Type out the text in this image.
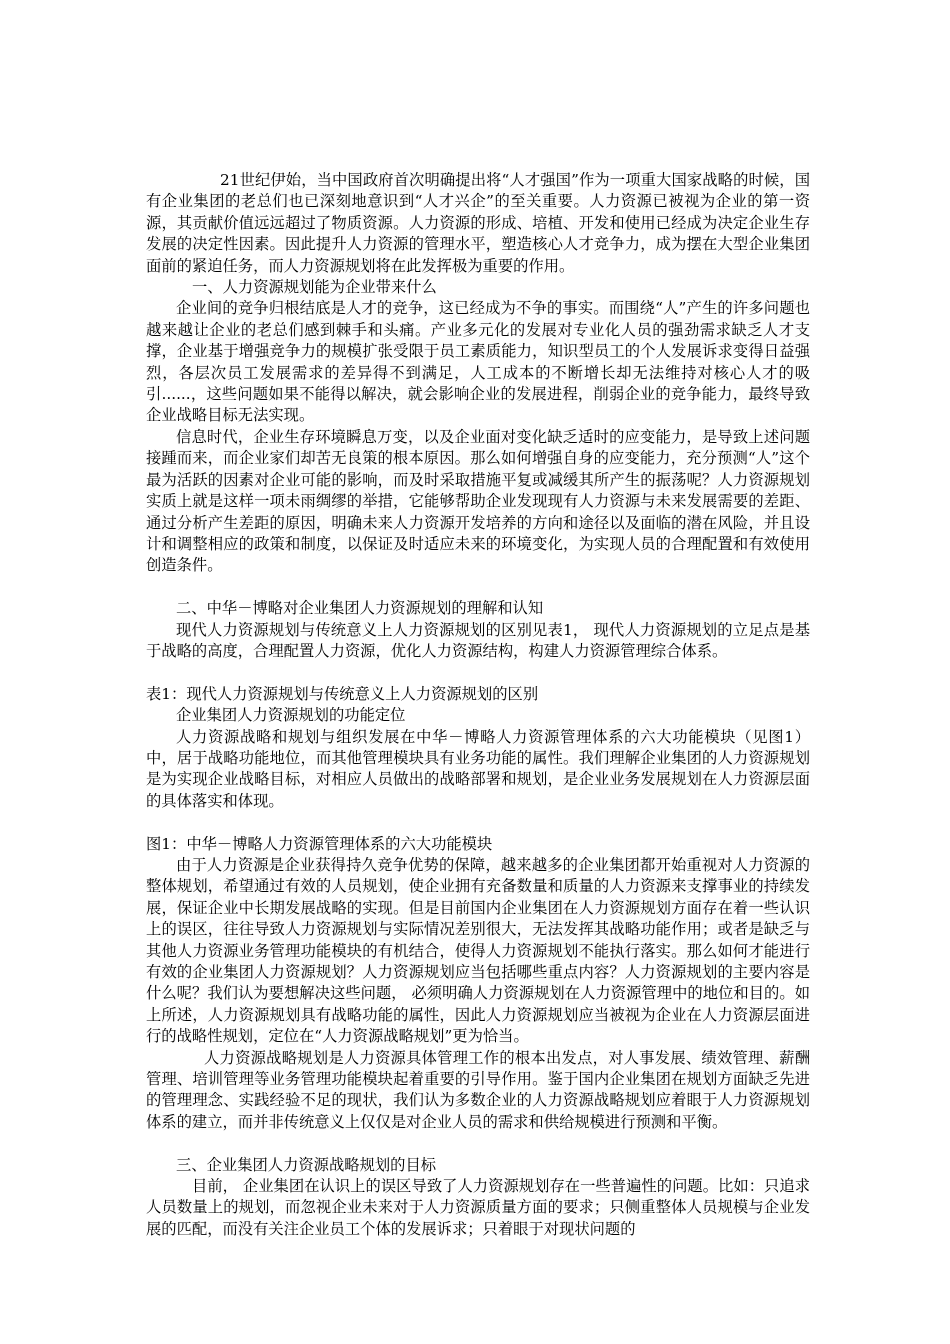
21世纪伊始，当中国政府首次明确提出将“人才强国”作为一项重大国家战略的时候，国有企业集团的老总们也已深刻地意识到“人才兴企”的至关重要。人力资源已被视为企业的第一资源，其贡献价值远远超过了物质资源。人力资源的形成、培植、开发和使用已经成为决定企业生存发展的决定性因素。因此提升人力资源的管理水平，塑造核心人才竞争力，成为摆在大型企业集团面前的紧迫任务，而人力资源规划将在此发挥极为重要的作用。

一、人力资源规划能为企业带来什么

企业间的竞争归根结底是人才的竞争，这已经成为不争的事实。而围绕“人”产生的许多问题也越来越让企业的老总们感到棘手和头痛。产业多元化的发展对专业化人员的强劲需求缺乏人才支撑，企业基于增强竞争力的规模扩张受限于员工素质能力，知识型员工的个人发展诉求变得日益强烈，各层次员工发展需求的差异得不到满足，人工成本的不断增长却无法维持对核心人才的吸引......，这些问题如果不能得以解决，就会影响企业的发展进程，削弱企业的竞争能力，最终导致企业战略目标无法实现。

信息时代，企业生存环境瞬息万变，以及企业面对变化缺乏适时的应变能力，是导致上述问题接踵而来，而企业家们却苦无良策的根本原因。那么如何增强自身的应变能力，充分预测“人”这个最为活跃的因素对企业可能的影响，而及时采取措施平复或减缓其所产生的振荡呢？人力资源规划实质上就是这样一项未雨绸缪的举措，它能够帮助企业发现现有人力资源与未来发展需要的差距、通过分析产生差距的原因，明确未来人力资源开发培养的方向和途径以及面临的潜在风险，并且设计和调整相应的政策和制度，以保证及时适应未来的环境变化，为实现人员的合理配置和有效使用创造条件。

二、中华－博略对企业集团人力资源规划的理解和认知

现代人力资源规划与传统意义上人力资源规划的区别见表1， 现代人力资源规划的立足点是基于战略的高度，合理配置人力资源，优化人力资源结构，构建人力资源管理综合体系。

表1：现代人力资源规划与传统意义上人力资源规划的区别

企业集团人力资源规划的功能定位

人力资源战略和规划与组织发展在中华－博略人力资源管理体系的六大功能模块（见图1）中，居于战略功能地位，而其他管理模块具有业务功能的属性。我们理解企业集团的人力资源规划是为实现企业战略目标，对相应人员做出的战略部署和规划，是企业业务发展规划在人力资源层面的具体落实和体现。

图1：中华－博略人力资源管理体系的六大功能模块

由于人力资源是企业获得持久竞争优势的保障，越来越多的企业集团都开始重视对人力资源的整体规划，希望通过有效的人员规划，使企业拥有充备数量和质量的人力资源来支撑事业的持续发展，保证企业中长期发展战略的实现。但是目前国内企业集团在人力资源规划方面存在着一些认识上的误区，往往导致人力资源规划与实际情况差别很大，无法发挥其战略功能作用；或者是缺乏与其他人力资源业务管理功能模块的有机结合，使得人力资源规划不能执行落实。那么如何才能进行有效的企业集团人力资源规划？人力资源规划应当包括哪些重点内容？人力资源规划的主要内容是什么呢？我们认为要想解决这些问题， 必须明确人力资源规划在人力资源管理中的地位和目的。如上所述，人力资源规划具有战略功能的属性，因此人力资源规划应当被视为企业在人力资源层面进行的战略性规划，定位在“人力资源战略规划”更为恰当。

人力资源战略规划是人力资源具体管理工作的根本出发点，对人事发展、绩效管理、薪酬管理、培训管理等业务管理功能模块起着重要的引导作用。鉴于国内企业集团在规划方面缺乏先进的管理理念、实践经验不足的现状，我们认为多数企业的人力资源战略规划应着眼于人力资源规划体系的建立，而并非传统意义上仅仅是对企业人员的需求和供给规模进行预测和平衡。

三、企业集团人力资源战略规划的目标

目前， 企业集团在认识上的误区导致了人力资源规划存在一些普遍性的问题。比如：只追求人员数量上的规划，而忽视企业未来对于人力资源质量方面的要求；只侧重整体人员规模与企业发展的匹配，而没有关注企业员工个体的发展诉求；只着眼于对现状问题的
